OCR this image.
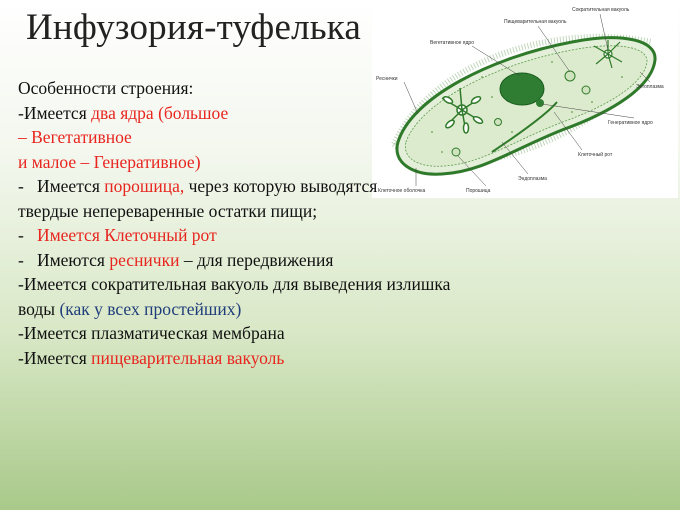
Инфузория-туфелька	Сократительная вакуоль
Пищеварительная вакуоль
Вегетативное ядро
Реснички
Эктоплазма
Генеративное ядро
Клеточный рот
Эндоплазма
Порошица
Клеточное оболочка
Особенности строения:
-Имеется два ядра (большое
– Вегетативное
и малое – Генеративное)
- Имеется порошица, через которую выводятся
твердые непереваренные остатки пищи;
- Имеется Клеточный рот
- Имеются реснички – для передвижения
-Имеется сократительная вакуоль для выведения излишка
воды (как у всех простейших)
-Имеется плазматическая мембрана
-Имеется пищеварительная вакуоль
